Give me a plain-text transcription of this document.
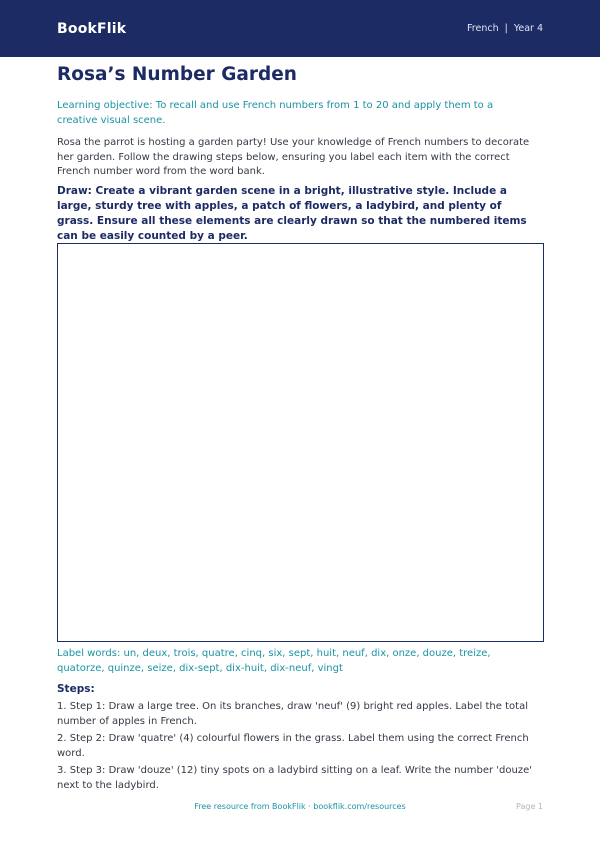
BookFlik	French | Year 4
Rosa’s Number Garden

Learning objective: To recall and use French numbers from 1 to 20 and apply them to a creative visual scene.

Rosa the parrot is hosting a garden party! Use your knowledge of French numbers to decorate her garden. Follow the drawing steps below, ensuring you label each item with the correct French number word from the word bank.

Draw: Create a vibrant garden scene in a bright, illustrative style. Include a large, sturdy tree with apples, a patch of flowers, a ladybird, and plenty of grass. Ensure all these elements are clearly drawn so that the numbered items can be easily counted by a peer.

Label words: un, deux, trois, quatre, cinq, six, sept, huit, neuf, dix, onze, douze, treize, quatorze, quinze, seize, dix-sept, dix-huit, dix-neuf, vingt

Steps:
1. Step 1: Draw a large tree. On its branches, draw 'neuf' (9) bright red apples. Label the total number of apples in French.
2. Step 2: Draw 'quatre' (4) colourful flowers in the grass. Label them using the correct French word.
3. Step 3: Draw 'douze' (12) tiny spots on a ladybird sitting on a leaf. Write the number 'douze' next to the ladybird.
Free resource from BookFlik · bookflik.com/resources	Page 1
